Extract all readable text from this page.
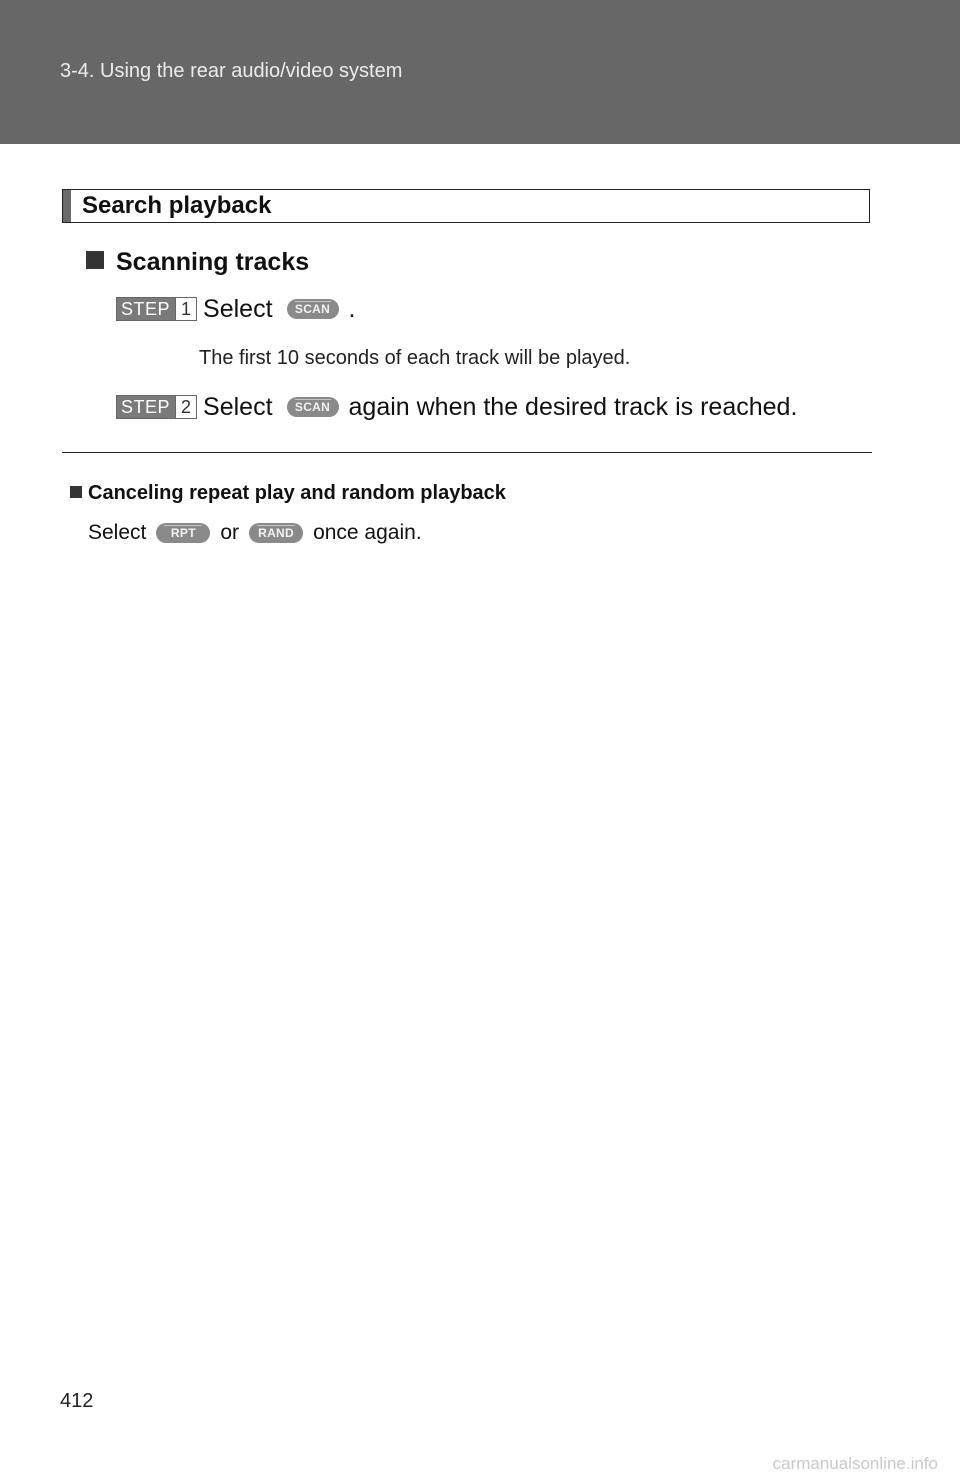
3-4. Using the rear audio/video system
Search playback
Scanning tracks
STEP 1 Select	SCAN .
The first 10 seconds of each track will be played.
STEP 2 Select	SCAN again when the desired track is reached.
Canceling repeat play and random playback
Select	RPT	or	RAND once again.
412
carmanualsonline.info
